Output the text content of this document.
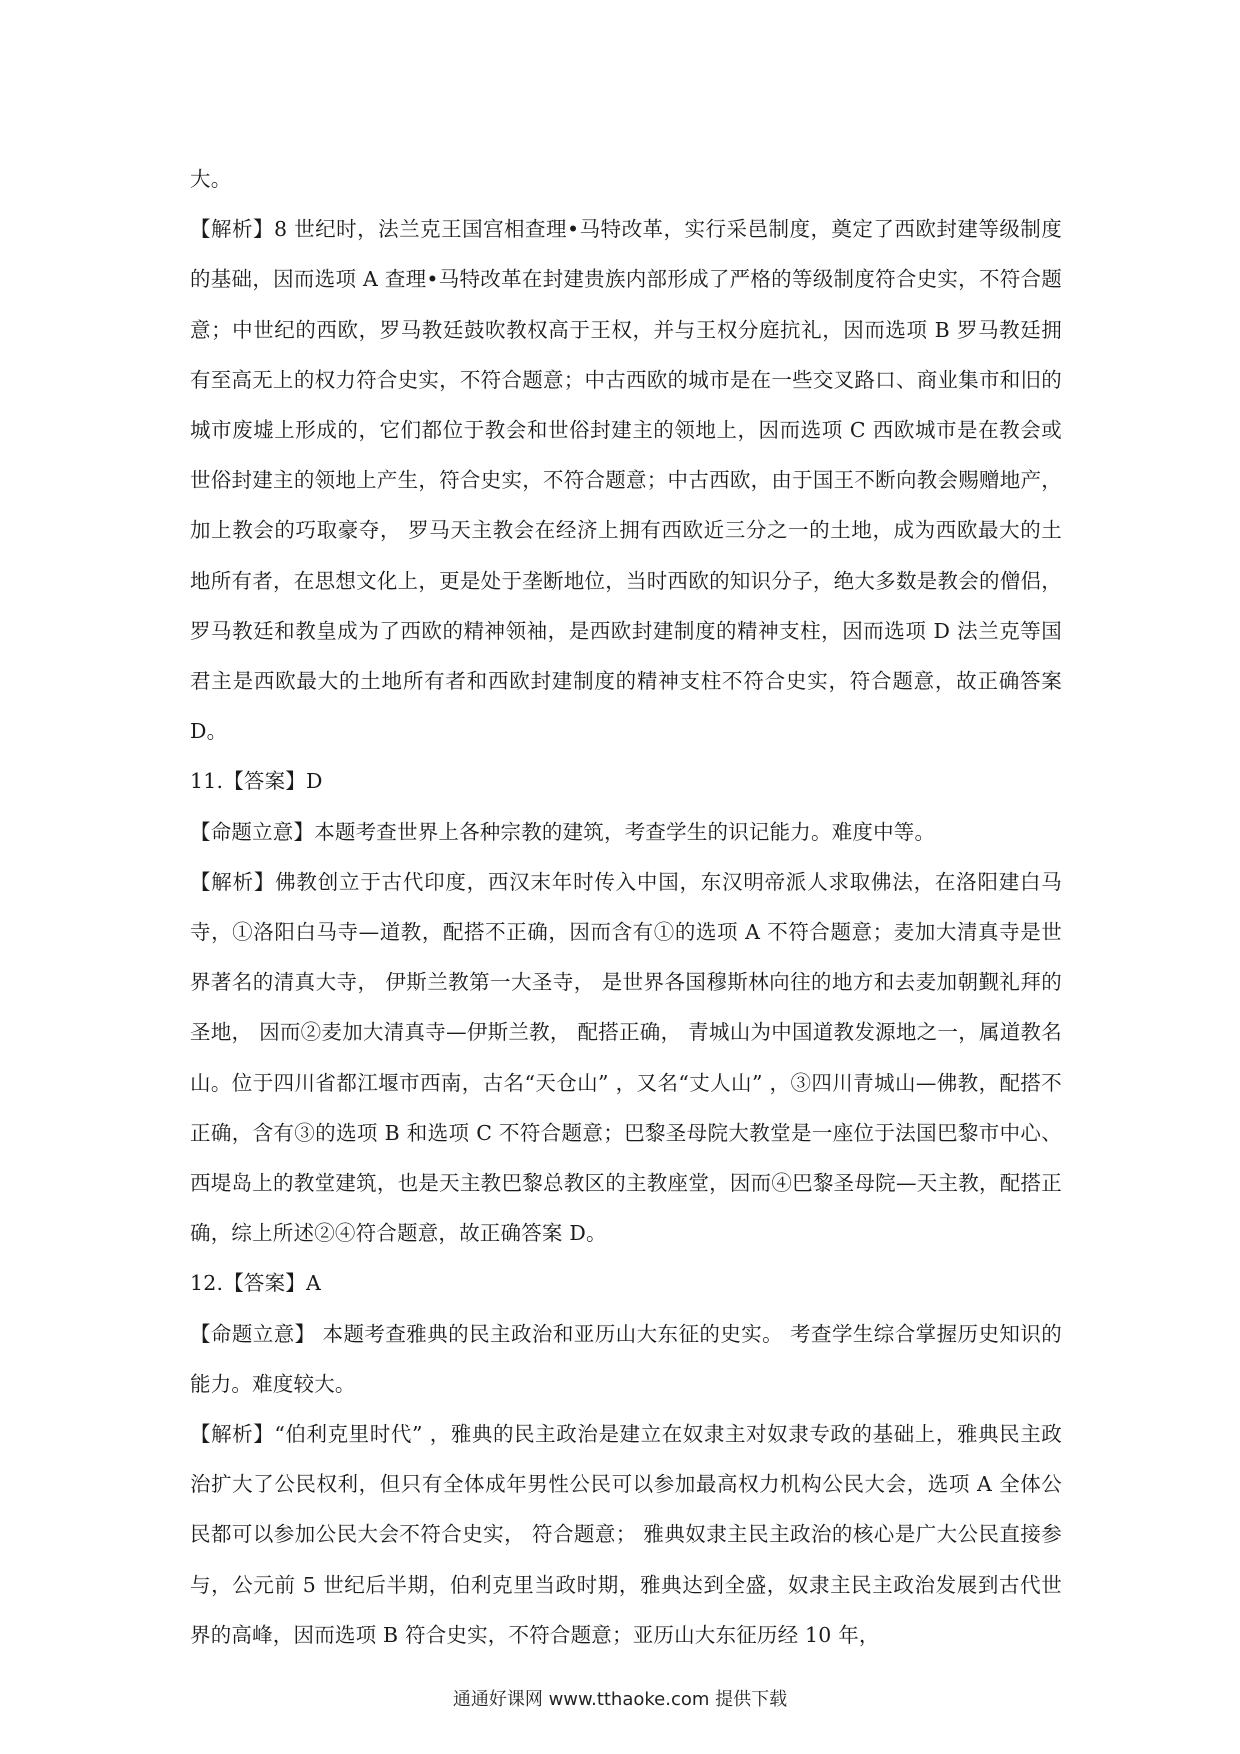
大。

【解析】8 世纪时，法兰克王国宫相查理•马特改革，实行采邑制度，奠定了西欧封建等级制度的基础，因而选项 A 查理•马特改革在封建贵族内部形成了严格的等级制度符合史实，不符合题意；中世纪的西欧，罗马教廷鼓吹教权高于王权，并与王权分庭抗礼，因而选项 B 罗马教廷拥有至高无上的权力符合史实，不符合题意；中古西欧的城市是在一些交叉路口、商业集市和旧的城市废墟上形成的，它们都位于教会和世俗封建主的领地上，因而选项 C 西欧城市是在教会或世俗封建主的领地上产生，符合史实，不符合题意；中古西欧，由于国王不断向教会赐赠地产， 加上教会的巧取豪夺， 罗马天主教会在经济上拥有西欧近三分之一的土地，成为西欧最大的土地所有者，在思想文化上，更是处于垄断地位，当时西欧的知识分子，绝大多数是教会的僧侣，罗马教廷和教皇成为了西欧的精神领袖，是西欧封建制度的精神支柱，因而选项 D 法兰克等国君主是西欧最大的土地所有者和西欧封建制度的精神支柱不符合史实，符合题意，故正确答案 D。

11.【答案】D

【命题立意】本题考查世界上各种宗教的建筑，考查学生的识记能力。难度中等。

【解析】佛教创立于古代印度，西汉末年时传入中国，东汉明帝派人求取佛法，在洛阳建白马寺，①洛阳白马寺—道教，配搭不正确，因而含有①的选项 A 不符合题意；麦加大清真寺是世界著名的清真大寺， 伊斯兰教第一大圣寺， 是世界各国穆斯林向往的地方和去麦加朝觐礼拜的圣地， 因而②麦加大清真寺—伊斯兰教， 配搭正确， 青城山为中国道教发源地之一，属道教名山。位于四川省都江堰市西南，古名“天仓山” ，又名“丈人山” ，③四川青城山—佛教，配搭不正确，含有③的选项 B 和选项 C 不符合题意；巴黎圣母院大教堂是一座位于法国巴黎市中心、西堤岛上的教堂建筑，也是天主教巴黎总教区的主教座堂，因而④巴黎圣母院—天主教，配搭正确，综上所述②④符合题意，故正确答案 D。

12.【答案】A

【命题立意】 本题考查雅典的民主政治和亚历山大东征的史实。 考查学生综合掌握历史知识的能力。难度较大。

【解析】“伯利克里时代” ，雅典的民主政治是建立在奴隶主对奴隶专政的基础上，雅典民主政治扩大了公民权利，但只有全体成年男性公民可以参加最高权力机构公民大会，选项 A 全体公民都可以参加公民大会不符合史实， 符合题意； 雅典奴隶主民主政治的核心是广大公民直接参与，公元前 5 世纪后半期，伯利克里当政时期，雅典达到全盛，奴隶主民主政治发展到古代世界的高峰，因而选项 B 符合史实，不符合题意；亚历山大东征历经 10 年，

通通好课网 www.tthaoke.com 提供下载
